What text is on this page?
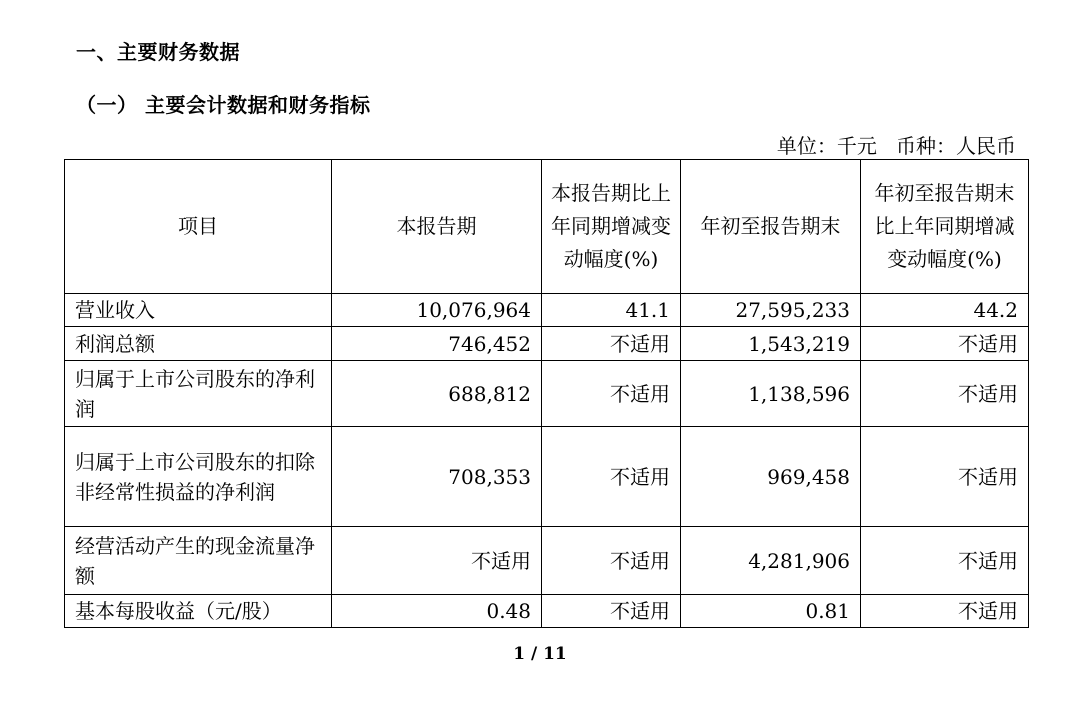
一、主要财务数据
（一） 主要会计数据和财务指标
单位：千元   币种：人民币
项目	本报告期	本报告期比上年同期增减变动幅度(%)	年初至报告期末	年初至报告期末比上年同期增减变动幅度(%)
营业收入	10,076,964	41.1	27,595,233	44.2
利润总额	746,452	不适用	1,543,219	不适用
归属于上市公司股东的净利润	688,812	不适用	1,138,596	不适用
归属于上市公司股东的扣除非经常性损益的净利润	708,353	不适用	969,458	不适用
经营活动产生的现金流量净额	不适用	不适用	4,281,906	不适用
基本每股收益（元/股）	0.48	不适用	0.81	不适用
1 / 11
